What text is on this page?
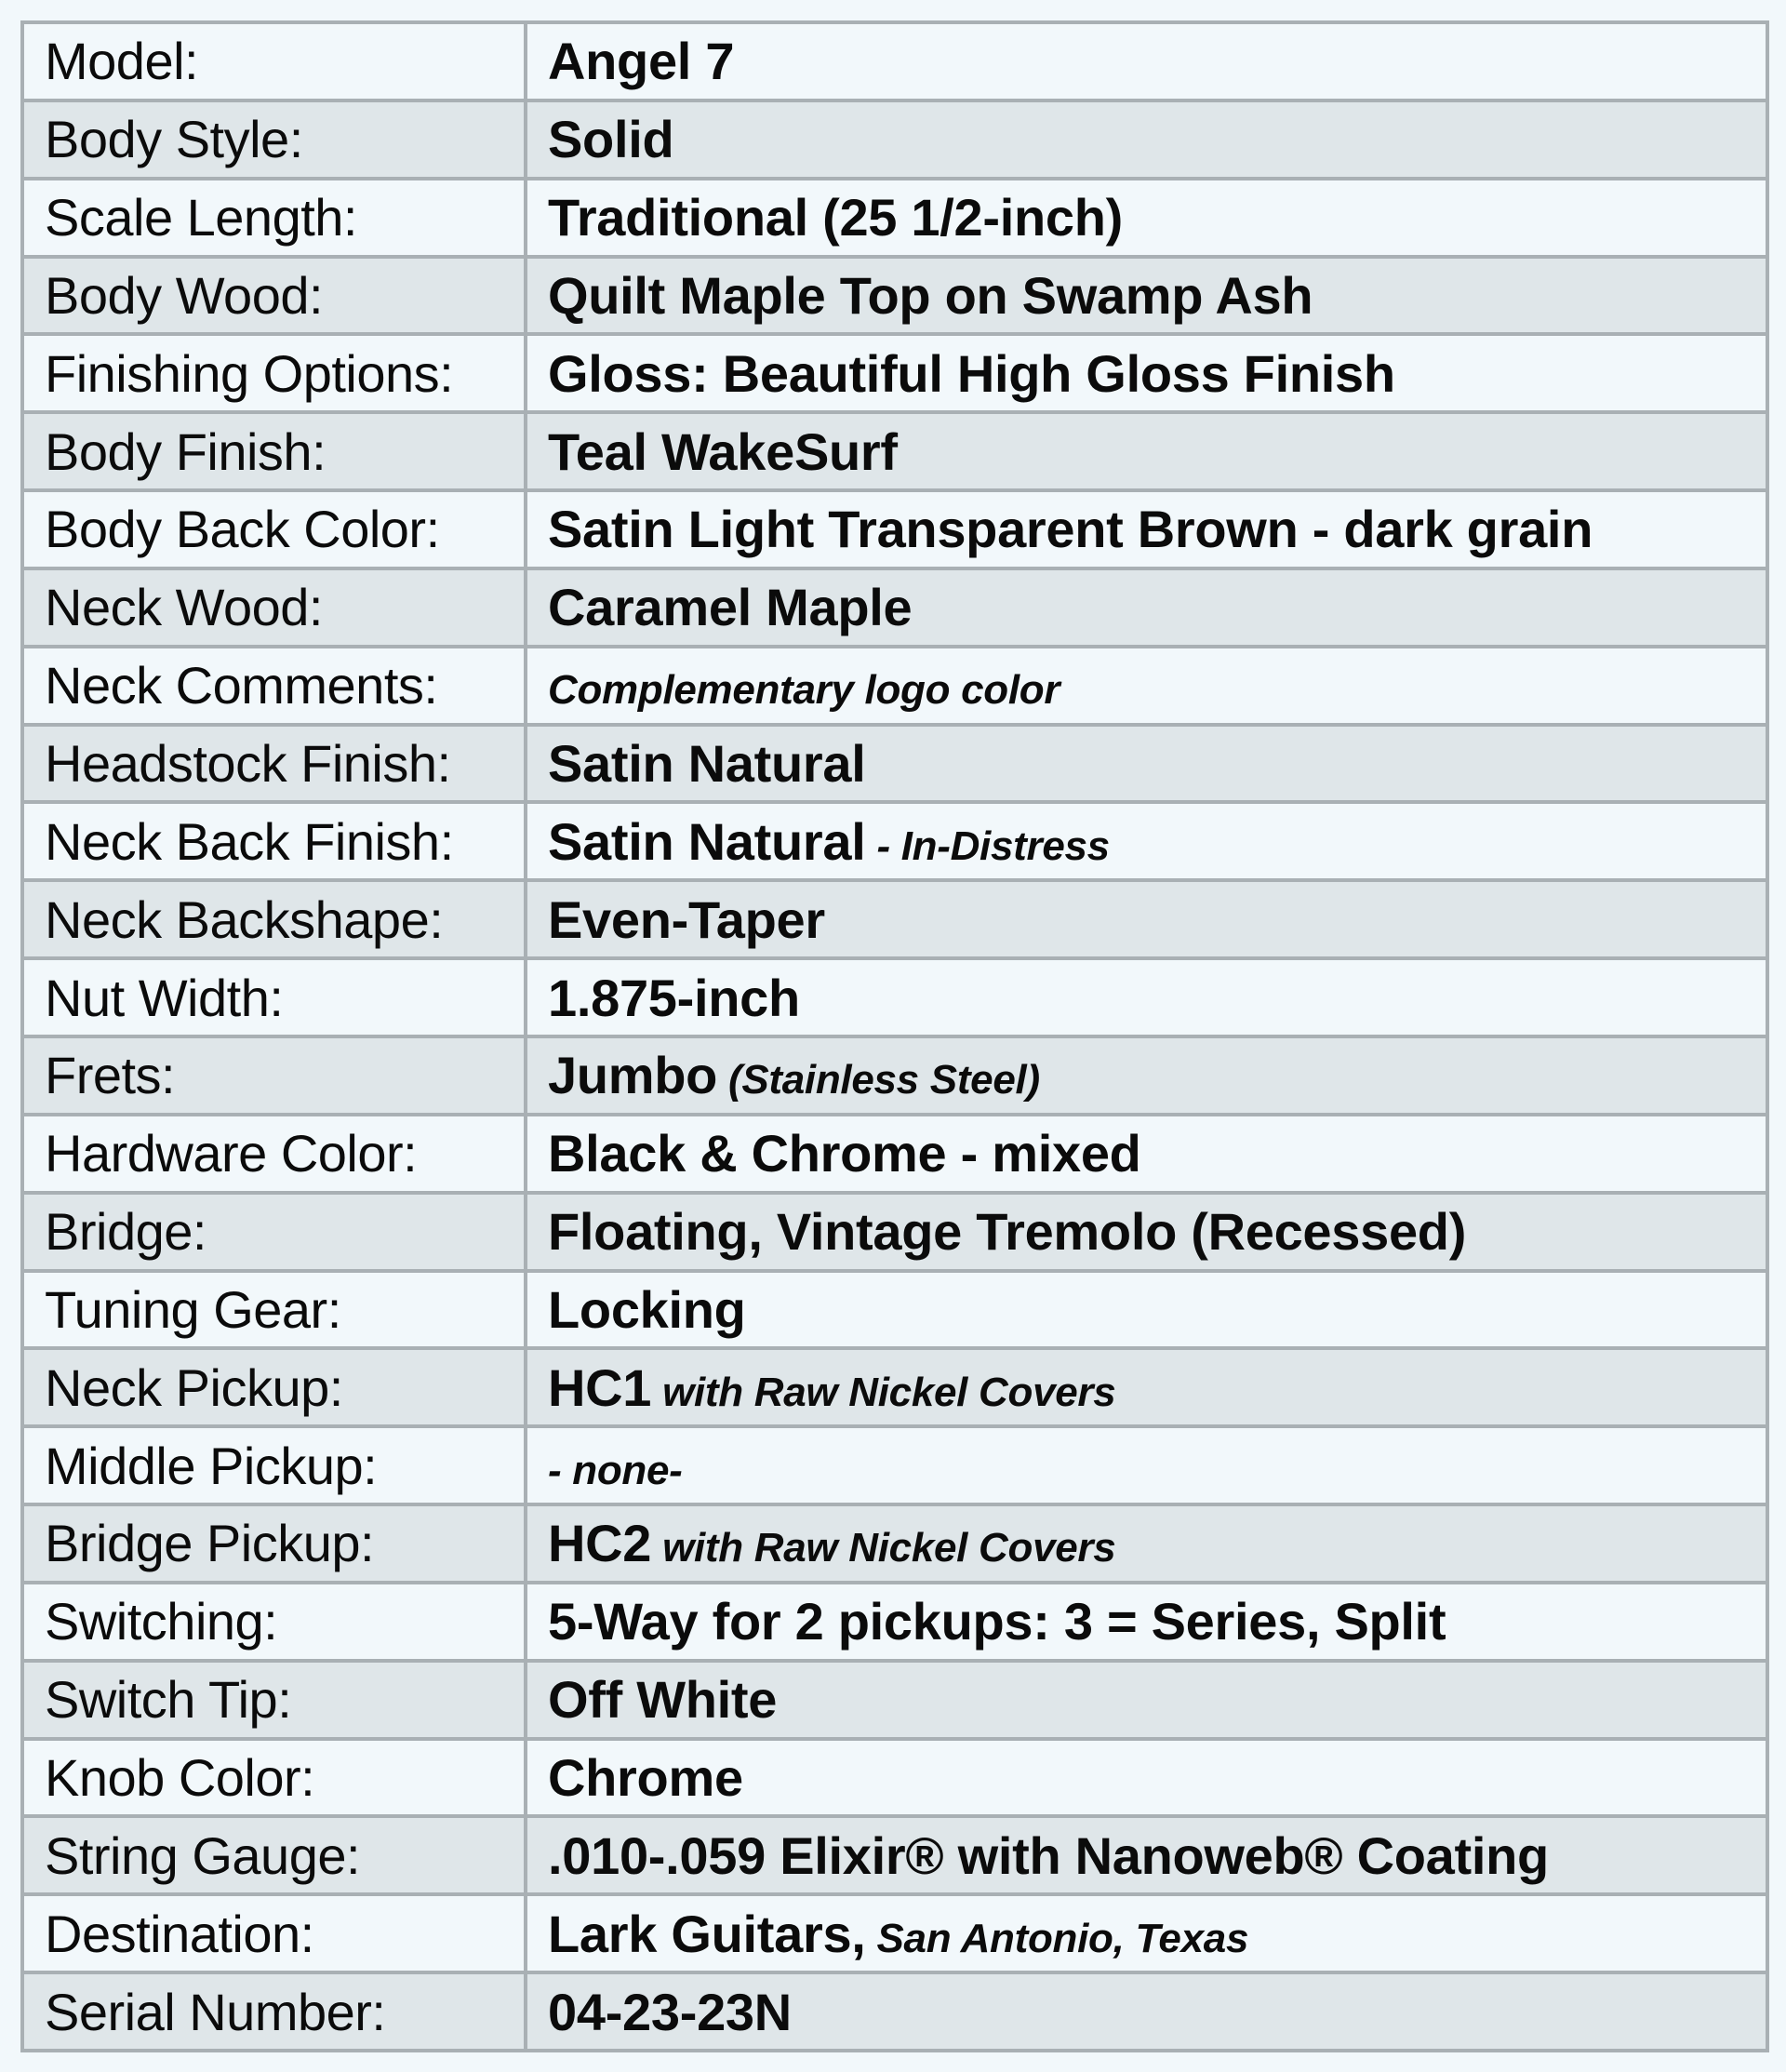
Model:	Angel 7
Body Style:	Solid
Scale Length:	Traditional (25 1/2-inch)
Body Wood:	Quilt Maple Top on Swamp Ash
Finishing Options:	Gloss: Beautiful High Gloss Finish
Body Finish:	Teal WakeSurf
Body Back Color:	Satin Light Transparent Brown - dark grain
Neck Wood:	Caramel Maple
Neck Comments:	Complementary logo color
Headstock Finish:	Satin Natural
Neck Back Finish:	Satin Natural - In-Distress
Neck Backshape:	Even-Taper
Nut Width:	1.875-inch
Frets:	Jumbo (Stainless Steel)
Hardware Color:	Black & Chrome - mixed
Bridge:	Floating, Vintage Tremolo (Recessed)
Tuning Gear:	Locking
Neck Pickup:	HC1 with Raw Nickel Covers
Middle Pickup:	- none-
Bridge Pickup:	HC2 with Raw Nickel Covers
Switching:	5-Way for 2 pickups: 3 = Series, Split
Switch Tip:	Off White
Knob Color:	Chrome
String Gauge:	.010-.059 Elixir® with Nanoweb® Coating
Destination:	Lark Guitars, San Antonio, Texas
Serial Number:	04-23-23N
